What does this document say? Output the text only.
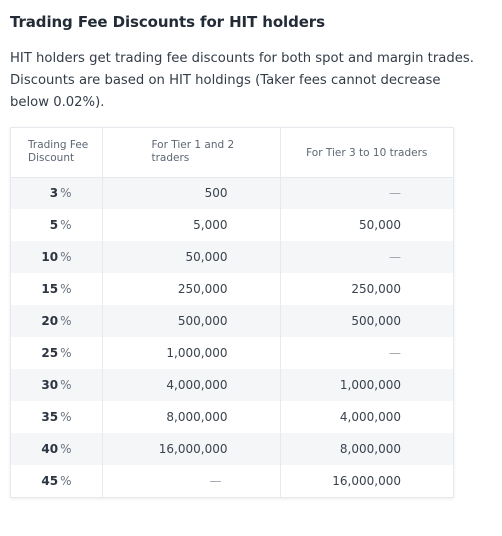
Trading Fee Discounts for HIT holders

HIT holders get trading fee discounts for both spot and margin trades. Discounts are based on HIT holdings (Taker fees cannot decrease below 0.02%).

Trading Fee Discount	For Tier 1 and 2 traders	For Tier 3 to 10 traders
3 %	500	—
5 %	5,000	50,000
10 %	50,000	—
15 %	250,000	250,000
20 %	500,000	500,000
25 %	1,000,000	—
30 %	4,000,000	1,000,000
35 %	8,000,000	4,000,000
40 %	16,000,000	8,000,000
45 %	—	16,000,000
